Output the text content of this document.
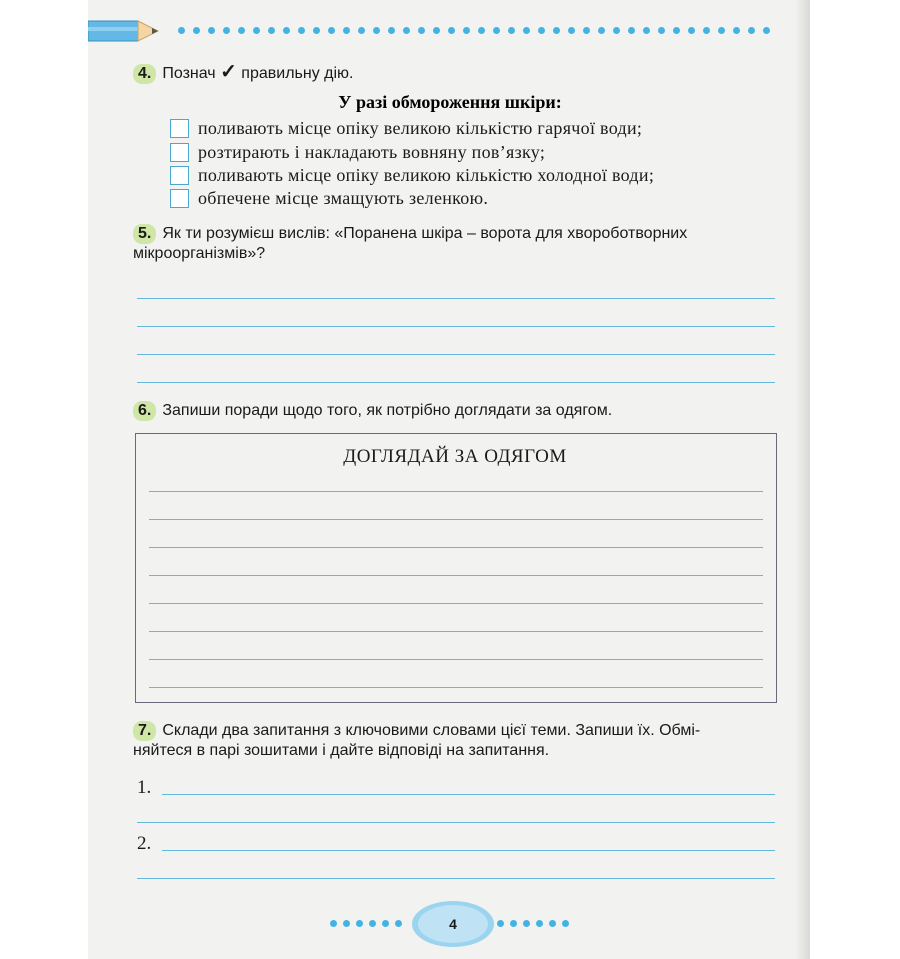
4. Познач ✓ правильну дію.
У разі обмороження шкіри:
поливають місце опіку великою кількістю гарячої води;
розтирають і накладають вовняну пов’язку;
поливають місце опіку великою кількістю холодної води;
обпечене місце змащують зеленкою.
5. Як ти розумієш вислів: «Поранена шкіра – ворота для хвороботворних
мікроорганізмів»?
6. Запиши поради щодо того, як потрібно доглядати за одягом.
ДОГЛЯДАЙ ЗА ОДЯГОМ
7. Склади два запитання з ключовими словами цієї теми. Запиши їх. Обмі-
няйтеся в парі зошитами і дайте відповіді на запитання.
1.
2.
4
